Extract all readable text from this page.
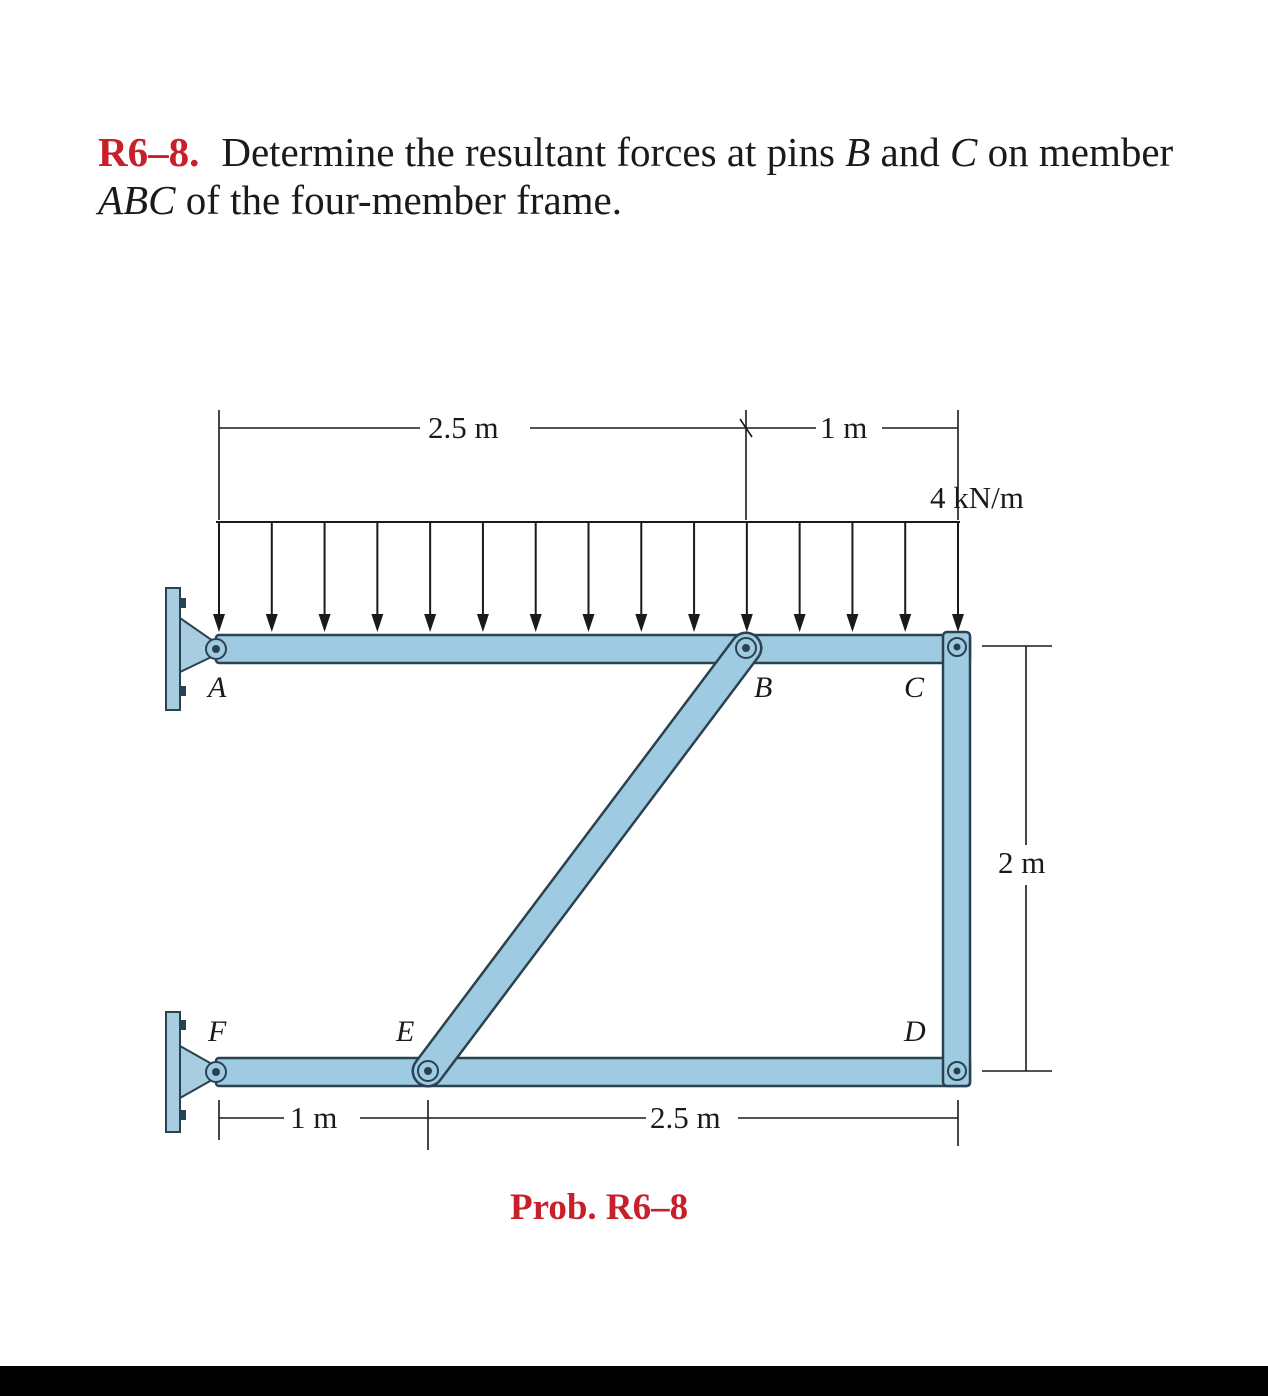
R6–8. Determine the resultant forces at pins B and C on member ABC of the four-member frame.
2.5 m	1 m
4 kN/m
2 m
1 m	2.5 m
A	B	C
D
E
F
Prob. R6–8
